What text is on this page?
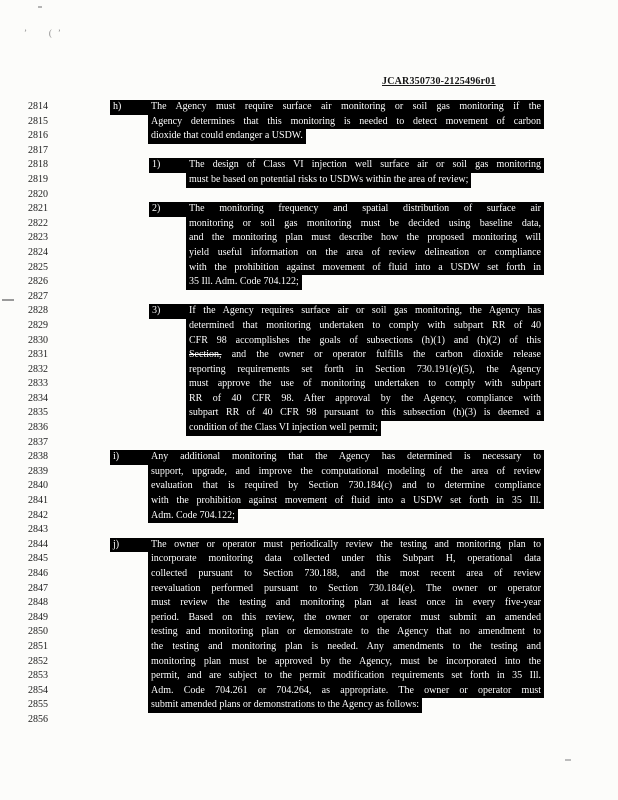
’  (’
JCAR350730-2125496r01
2814	h)	The Agency must require surface air monitoring or soil gas monitoring if the
2815	Agency determines that this monitoring is needed to detect movement of carbon
2816	dioxide that could endanger a USDW.
2817
2818	1)	The design of Class VI injection well surface air or soil gas monitoring
2819	must be based on potential risks to USDWs within the area of review;
2820
2821	2)	The monitoring frequency and spatial distribution of surface air
2822	monitoring or soil gas monitoring must be decided using baseline data,
2823	and the monitoring plan must describe how the proposed monitoring will
2824	yield useful information on the area of review delineation or compliance
2825	with the prohibition against movement of fluid into a USDW set forth in
2826	35 Ill. Adm. Code 704.122;
2827
2828	3)	If the Agency requires surface air or soil gas monitoring, the Agency has
2829	determined that monitoring undertaken to comply with subpart RR of 40
2830	CFR 98 accomplishes the goals of subsections (h)(1) and (h)(2) of this
2831	Section, and the owner or operator fulfills the carbon dioxide release
2832	reporting requirements set forth in Section 730.191(e)(5), the Agency
2833	must approve the use of monitoring undertaken to comply with subpart
2834	RR of 40 CFR 98. After approval by the Agency, compliance with
2835	subpart RR of 40 CFR 98 pursuant to this subsection (h)(3) is deemed a
2836	condition of the Class VI injection well permit;
2837
2838	i)	Any additional monitoring that the Agency has determined is necessary to
2839	support, upgrade, and improve the computational modeling of the area of review
2840	evaluation that is required by Section 730.184(c) and to determine compliance
2841	with the prohibition against movement of fluid into a USDW set forth in 35 Ill.
2842	Adm. Code 704.122;
2843
2844	j)	The owner or operator must periodically review the testing and monitoring plan to
2845	incorporate monitoring data collected under this Subpart H, operational data
2846	collected pursuant to Section 730.188, and the most recent area of review
2847	reevaluation performed pursuant to Section 730.184(e). The owner or operator
2848	must review the testing and monitoring plan at least once in every five-year
2849	period. Based on this review, the owner or operator must submit an amended
2850	testing and monitoring plan or demonstrate to the Agency that no amendment to
2851	the testing and monitoring plan is needed. Any amendments to the testing and
2852	monitoring plan must be approved by the Agency, must be incorporated into the
2853	permit, and are subject to the permit modification requirements set forth in 35 Ill.
2854	Adm. Code 704.261 or 704.264, as appropriate. The owner or operator must
2855	submit amended plans or demonstrations to the Agency as follows:
2856
